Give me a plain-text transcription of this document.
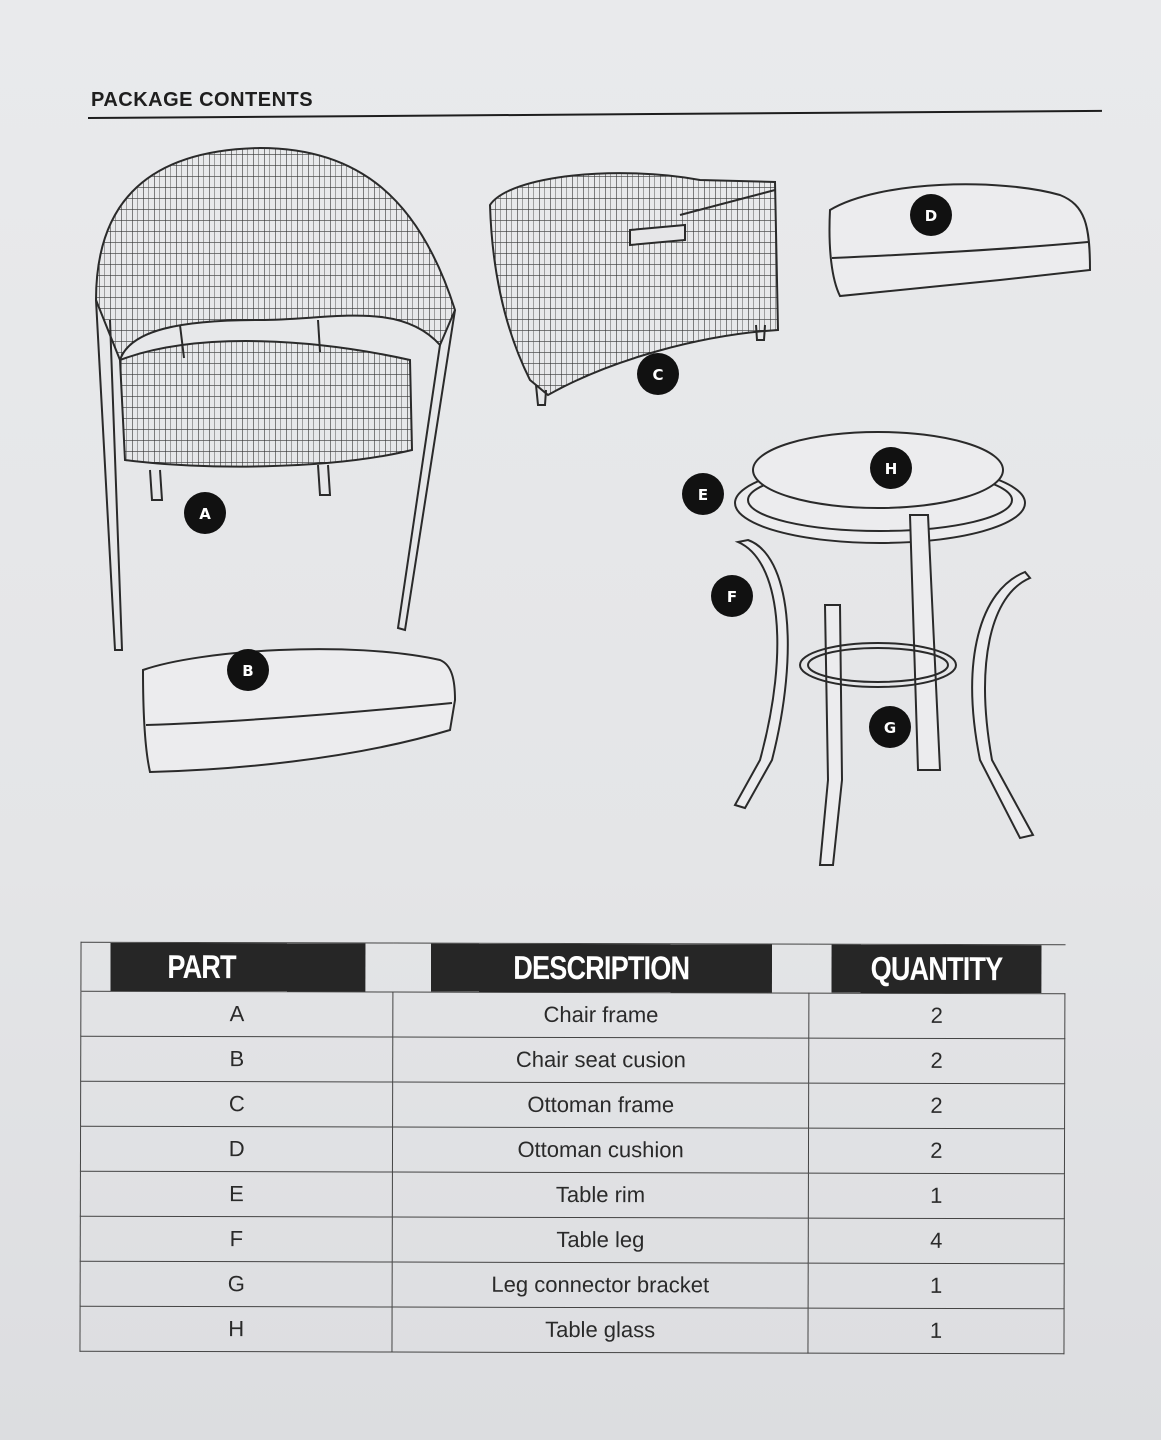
PACKAGE CONTENTS
A
B
C
D
E
F
G
H
PART	DESCRIPTION	QUANTITY
A	Chair frame	2
B	Chair seat cusion	2
C	Ottoman frame	2
D	Ottoman cushion	2
E	Table rim	1
F	Table leg	4
G	Leg connector bracket	1
H	Table glass	1
